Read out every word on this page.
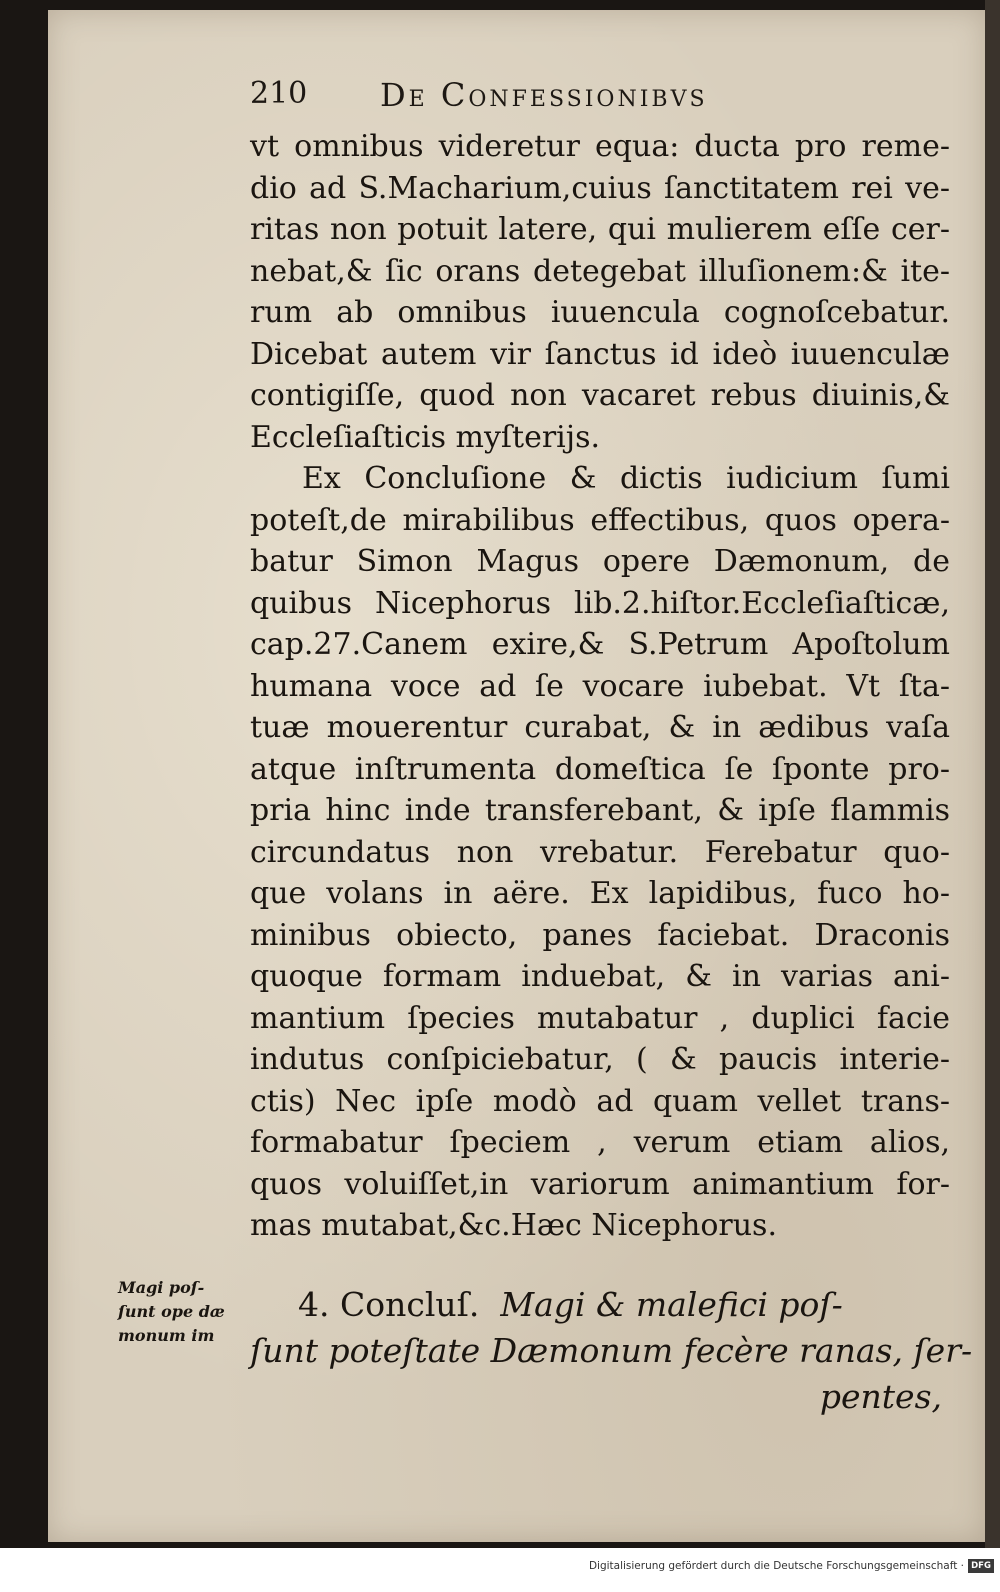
210 De Confessionibvs
vt omnibus videretur equa: ducta pro reme-
dio ad S.Macharium,cuius ſanctitatem rei ve-
ritas non potuit latere, qui mulierem eſſe cer-
nebat,& ſic orans detegebat illuſionem:& ite-
rum ab omnibus iuuencula cognoſcebatur.
Dicebat autem vir ſanctus id ideò iuuenculæ
contigiſſe, quod non vacaret rebus diuinis,&
Eccleſiaſticis myſterijs.
Ex Concluſione & dictis iudicium ſumi
poteſt,de mirabilibus effectibus, quos opera-
batur Simon Magus opere Dæmonum, de
quibus Nicephorus lib.2.hiſtor.Eccleſiaſticæ,
cap.27.Canem exire,& S.Petrum Apoſtolum
humana voce ad ſe vocare iubebat. Vt ſta-
tuæ mouerentur curabat, & in ædibus vaſa
atque inſtrumenta domeſtica ſe ſponte pro-
pria hinc inde transferebant, & ipſe flammis
circundatus non vrebatur. Ferebatur quo-
que volans in aëre. Ex lapidibus, fuco ho-
minibus obiecto, panes faciebat. Draconis
quoque formam induebat, & in varias ani-
mantium ſpecies mutabatur , duplici facie
indutus conſpiciebatur, ( & paucis interie-
ctis) Nec ipſe modò ad quam vellet trans-
formabatur ſpeciem , verum etiam alios,
quos voluiſſet,in variorum animantium for-
mas mutabat,&c.Hæc Nicephorus.
Magi poſ-
ſunt ope dæ
monum im
4. Concluſ. Magi & malefici poſ-
ſunt poteſtate Dæmonum fecère ranas, ſer-
pentes,
Digitalisierung gefördert durch die Deutsche Forschungsgemeinschaft · DFG
